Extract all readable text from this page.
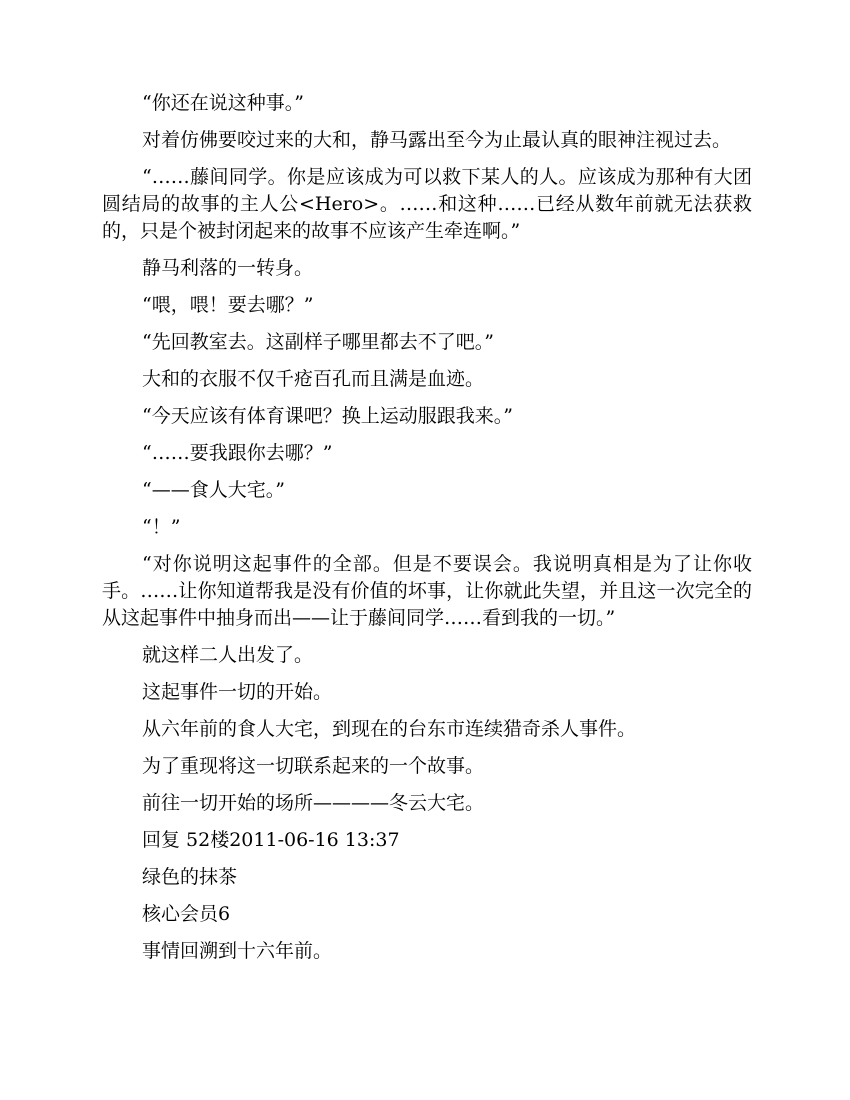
“你还在说这种事。”

对着仿佛要咬过来的大和，静马露出至今为止最认真的眼神注视过去。

“……藤间同学。你是应该成为可以救下某人的人。应该成为那种有大团圆结局的故事的主人公<Hero>。……和这种……已经从数年前就无法获救的，只是个被封闭起来的故事不应该产生牵连啊。”

静马利落的一转身。

“喂，喂！要去哪？”

“先回教室去。这副样子哪里都去不了吧。”

大和的衣服不仅千疮百孔而且满是血迹。

“今天应该有体育课吧？换上运动服跟我来。”

“……要我跟你去哪？”

“——食人大宅。”

“！”

“对你说明这起事件的全部。但是不要误会。我说明真相是为了让你收手。……让你知道帮我是没有价值的坏事，让你就此失望，并且这一次完全的从这起事件中抽身而出——让于藤间同学……看到我的一切。”

就这样二人出发了。

这起事件一切的开始。

从六年前的食人大宅，到现在的台东市连续猎奇杀人事件。

为了重现将这一切联系起来的一个故事。

前往一切开始的场所————冬云大宅。

回复 52楼2011-06-16 13:37

绿色的抹茶

核心会员6

事情回溯到十六年前。
